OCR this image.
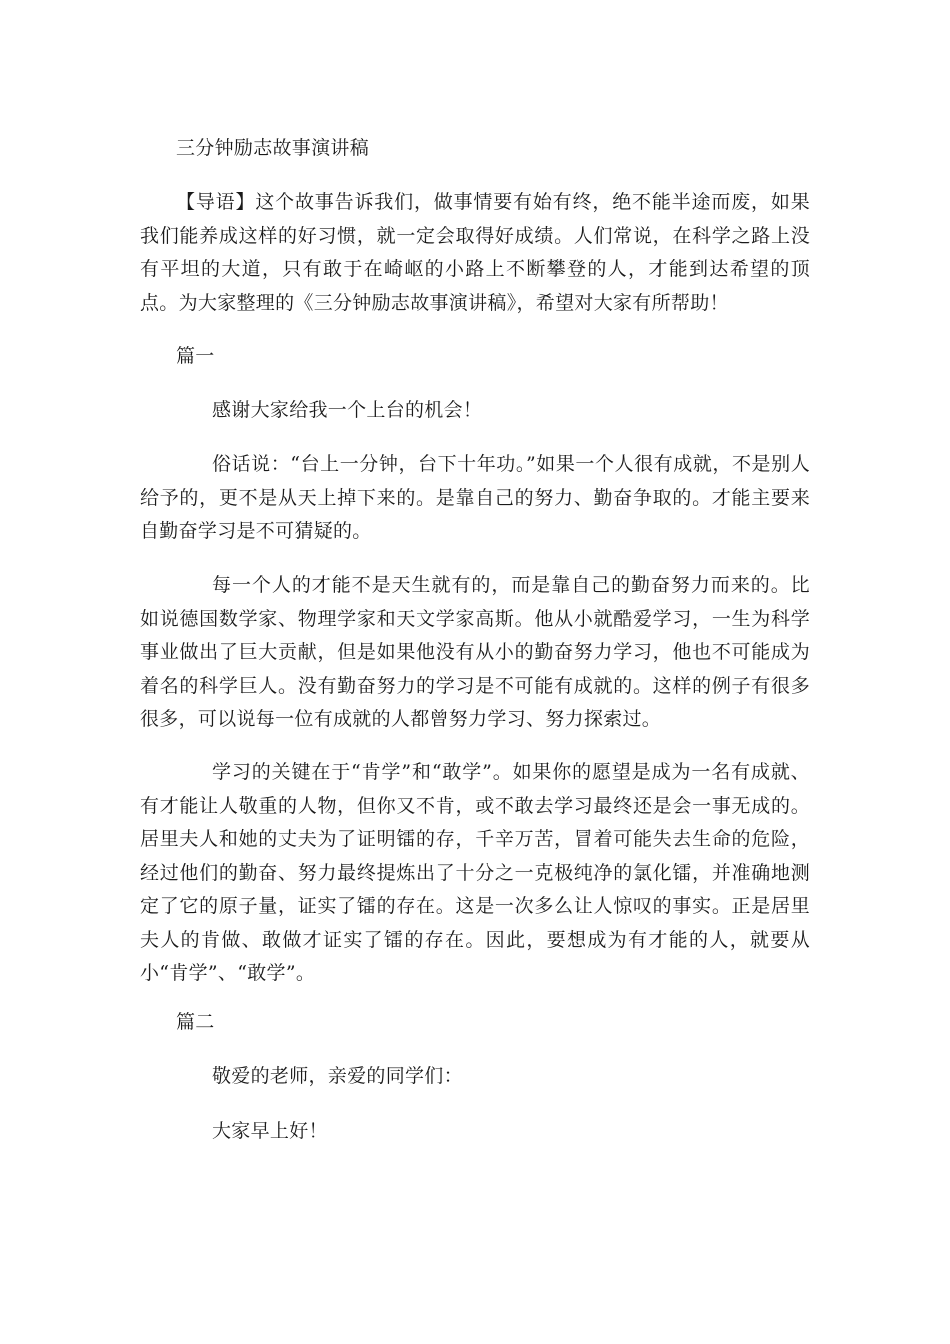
三分钟励志故事演讲稿

【导语】这个故事告诉我们，做事情要有始有终，绝不能半途而废，如果我们能养成这样的好习惯，就一定会取得好成绩。人们常说，在科学之路上没有平坦的大道，只有敢于在崎岖的小路上不断攀登的人，才能到达希望的顶点。为大家整理的《三分钟励志故事演讲稿》，希望对大家有所帮助！

篇一

感谢大家给我一个上台的机会！

俗话说：“台上一分钟，台下十年功。”如果一个人很有成就，不是别人给予的，更不是从天上掉下来的。是靠自己的努力、勤奋争取的。才能主要来自勤奋学习是不可猜疑的。

每一个人的才能不是天生就有的，而是靠自己的勤奋努力而来的。比如说德国数学家、物理学家和天文学家高斯。他从小就酷爱学习，一生为科学事业做出了巨大贡献，但是如果他没有从小的勤奋努力学习，他也不可能成为着名的科学巨人。没有勤奋努力的学习是不可能有成就的。这样的例子有很多很多，可以说每一位有成就的人都曾努力学习、努力探索过。

学习的关键在于“肯学”和“敢学”。如果你的愿望是成为一名有成就、有才能让人敬重的人物，但你又不肯，或不敢去学习最终还是会一事无成的。居里夫人和她的丈夫为了证明镭的存，千辛万苦，冒着可能失去生命的危险，经过他们的勤奋、努力最终提炼出了十分之一克极纯净的氯化镭，并准确地测定了它的原子量，证实了镭的存在。这是一次多么让人惊叹的事实。正是居里夫人的肯做、敢做才证实了镭的存在。因此，要想成为有才能的人，就要从小“肯学”、“敢学”。

篇二

敬爱的老师，亲爱的同学们：

大家早上好！
